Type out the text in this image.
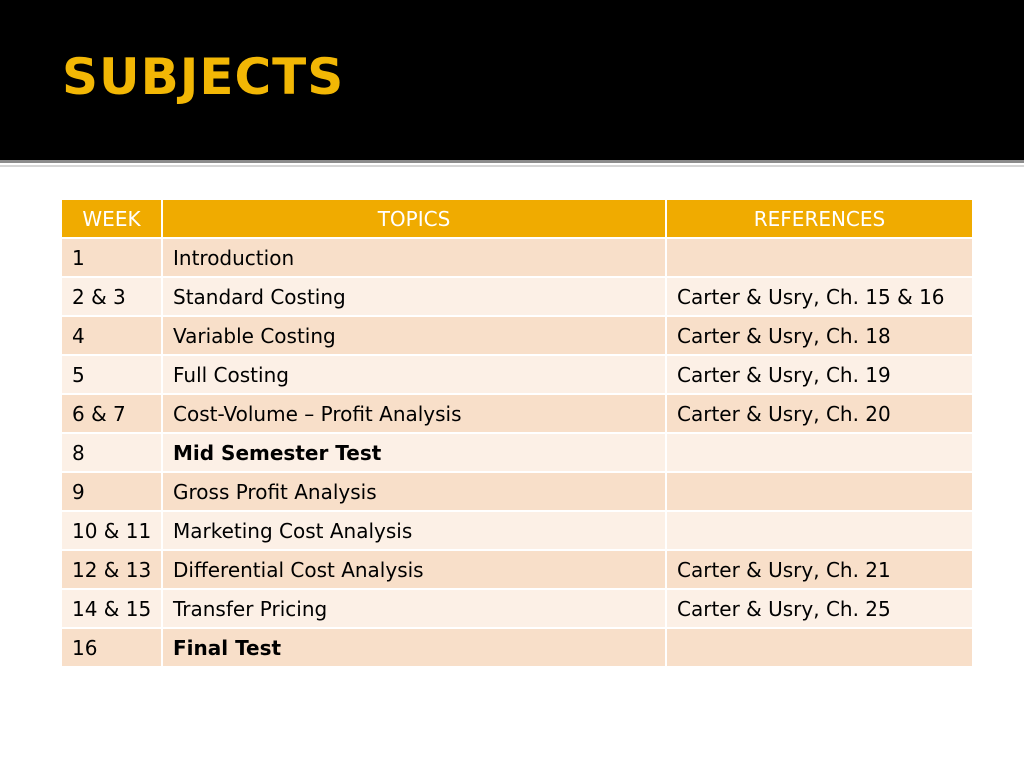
SUBJECTS
WEEK	TOPICS	REFERENCES
1	Introduction	
2 & 3	Standard Costing	Carter & Usry, Ch. 15 & 16
4	Variable Costing	Carter & Usry, Ch. 18
5	Full Costing	Carter & Usry, Ch. 19
6 & 7	Cost-Volume – Profit Analysis	Carter & Usry, Ch. 20
8	Mid Semester Test	
9	Gross Profit Analysis	
10 & 11	Marketing Cost Analysis	
12 & 13	Differential Cost Analysis	Carter & Usry, Ch. 21
14 & 15	Transfer Pricing	Carter & Usry, Ch. 25
16	Final Test	
